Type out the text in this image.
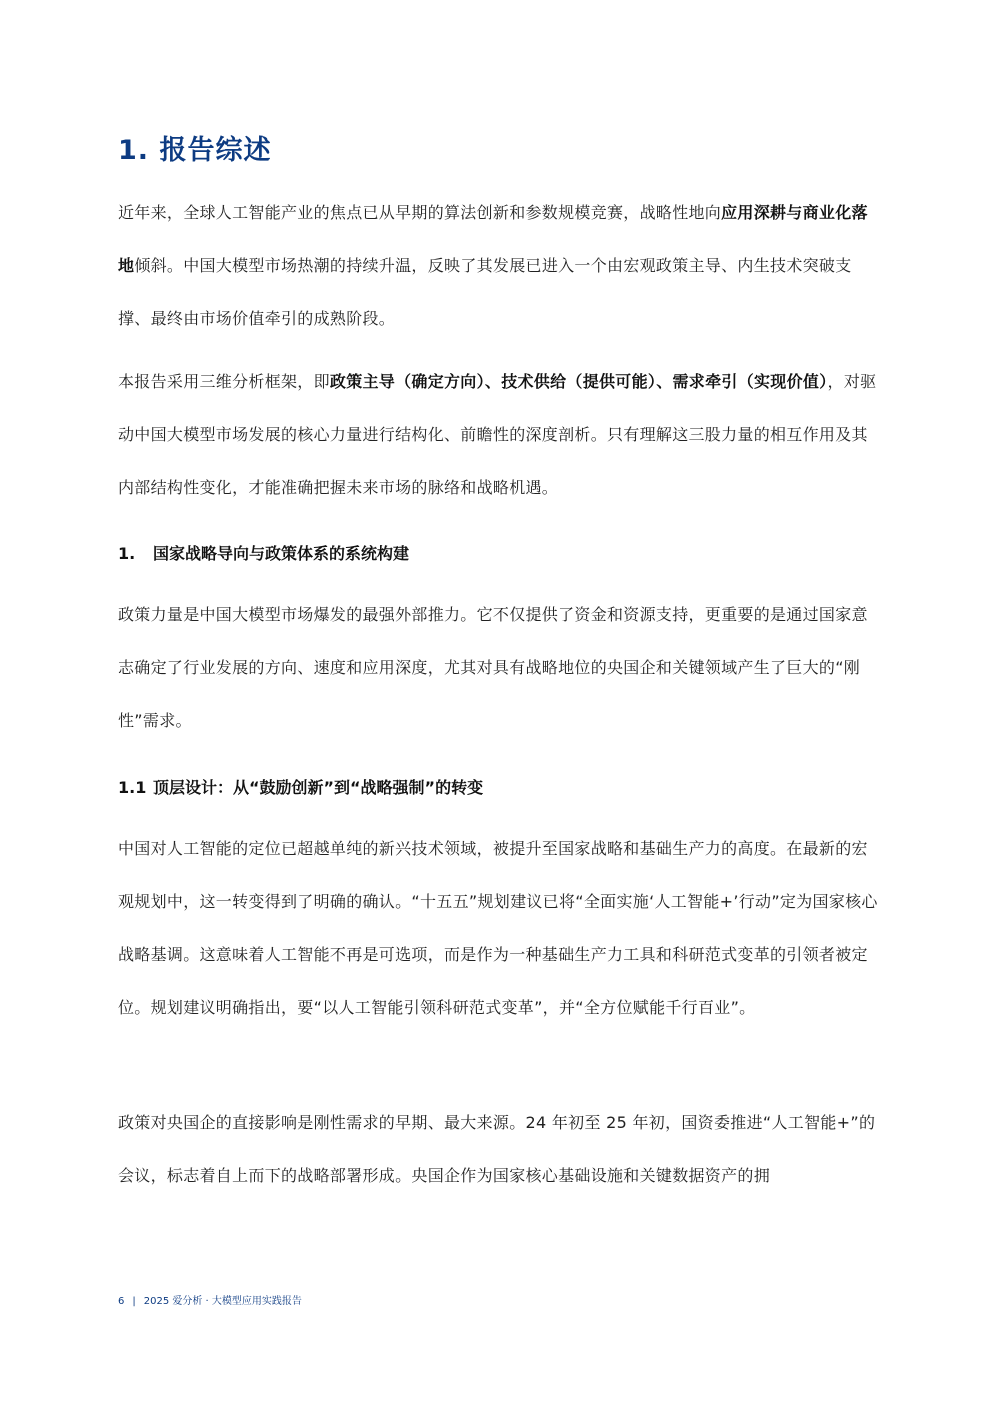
1. 报告综述
近年来，全球人工智能产业的焦点已从早期的算法创新和参数规模竞赛，战略性地向应用深耕与商业化落地倾斜。中国大模型市场热潮的持续升温，反映了其发展已进入一个由宏观政策主导、内生技术突破支撑、最终由市场价值牵引的成熟阶段。
本报告采用三维分析框架，即政策主导（确定方向）、技术供给（提供可能）、需求牵引（实现价值），对驱动中国大模型市场发展的核心力量进行结构化、前瞻性的深度剖析。只有理解这三股力量的相互作用及其内部结构性变化，才能准确把握未来市场的脉络和战略机遇。
1. 国家战略导向与政策体系的系统构建
政策力量是中国大模型市场爆发的最强外部推力。它不仅提供了资金和资源支持，更重要的是通过国家意志确定了行业发展的方向、速度和应用深度，尤其对具有战略地位的央国企和关键领域产生了巨大的“刚性”需求。
1.1 顶层设计：从“鼓励创新”到“战略强制”的转变
中国对人工智能的定位已超越单纯的新兴技术领域，被提升至国家战略和基础生产力的高度。在最新的宏观规划中，这一转变得到了明确的确认。“十五五”规划建议已将“全面实施‘人工智能+’行动”定为国家核心战略基调。这意味着人工智能不再是可选项，而是作为一种基础生产力工具和科研范式变革的引领者被定位。规划建议明确指出，要“以人工智能引领科研范式变革”，并“全方位赋能千行百业”。
政策对央国企的直接影响是刚性需求的早期、最大来源。24 年初至 25 年初，国资委推进“人工智能+”的会议，标志着自上而下的战略部署形成。央国企作为国家核心基础设施和关键数据资产的拥
6 | 2025 爱分析 · 大模型应用实践报告
